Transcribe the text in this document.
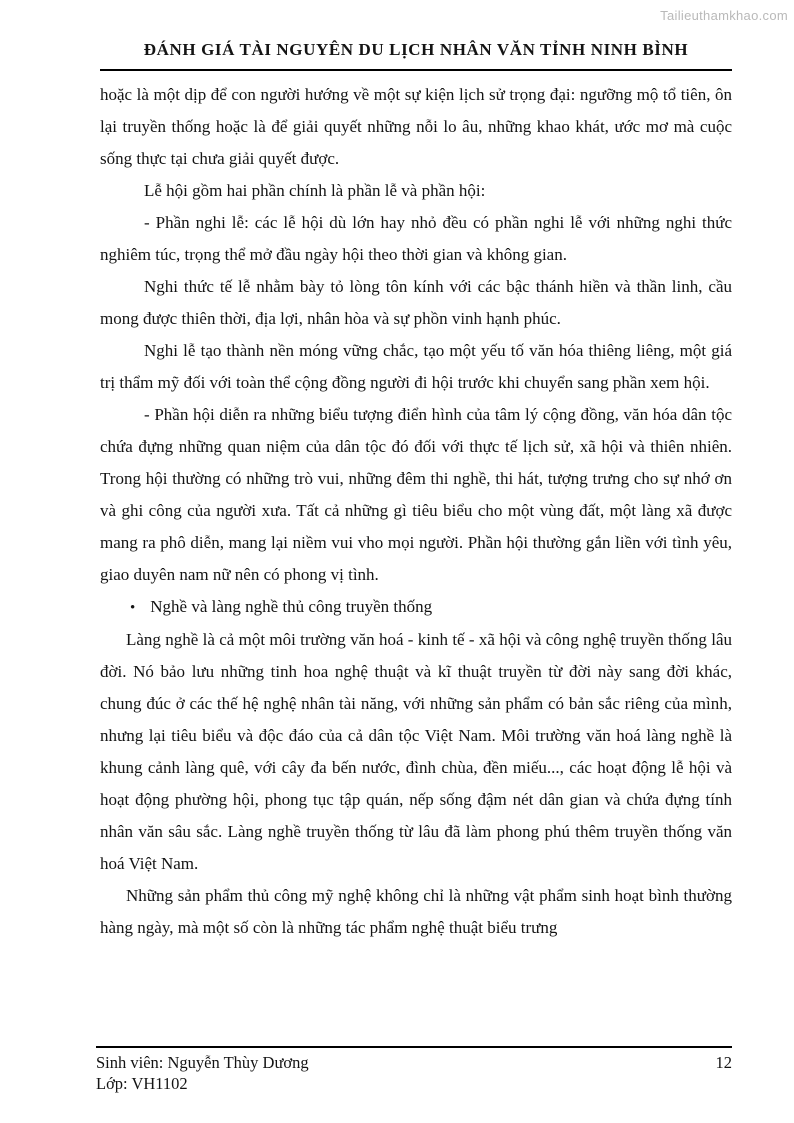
Tailieuthamkhao.com
ĐÁNH GIÁ TÀI NGUYÊN DU LỊCH NHÂN VĂN TỈNH NINH BÌNH

hoặc là một dịp để con người hướng về một sự kiện lịch sử trọng đại: ngưỡng mộ tổ tiên, ôn lại truyền thống hoặc là để giải quyết những nỗi lo âu, những khao khát, ước mơ mà cuộc sống thực tại chưa giải quyết được.

Lễ hội gồm hai phần chính là phần lễ và phần hội:

- Phần nghi lễ: các lễ hội dù lớn hay nhỏ đều có phần nghi lễ với những nghi thức nghiêm túc, trọng thể mở đầu ngày hội theo thời gian và không gian.

Nghi thức tế lễ nhằm bày tỏ lòng tôn kính với các bậc thánh hiền và thần linh, cầu mong được thiên thời, địa lợi, nhân hòa và sự phồn vinh hạnh phúc.

Nghi lễ tạo thành nền móng vững chắc, tạo một yếu tố văn hóa thiêng liêng, một giá trị thẩm mỹ đối với toàn thể cộng đồng người đi hội trước khi chuyển sang phần xem hội.

- Phần hội diễn ra những biểu tượng điển hình của tâm lý cộng đồng, văn hóa dân tộc chứa đựng những quan niệm của dân tộc đó đối với thực tế lịch sử, xã hội và thiên nhiên. Trong hội thường có những trò vui, những đêm thi nghề, thi hát, tượng trưng cho sự nhớ ơn và ghi công của người xưa. Tất cả những gì tiêu biểu cho một vùng đất, một làng xã được mang ra phô diễn, mang lại niềm vui vho mọi người. Phần hội thường gắn liền với tình yêu, giao duyên nam nữ nên có phong vị tình.

• Nghề và làng nghề thủ công truyền thống

Làng nghề là cả một môi trường văn hoá - kinh tế - xã hội và công nghệ truyền thống lâu đời. Nó bảo lưu những tinh hoa nghệ thuật và kĩ thuật truyền từ đời này sang đời khác, chung đúc ở các thế hệ nghệ nhân tài năng, với những sản phẩm có bản sắc riêng của mình, nhưng lại tiêu biểu và độc đáo của cả dân tộc Việt Nam. Môi trường văn hoá làng nghề là khung cảnh làng quê, với cây đa bến nước, đình chùa, đền miếu..., các hoạt động lễ hội và hoạt động phường hội, phong tục tập quán, nếp sống đậm nét dân gian và chứa đựng tính nhân văn sâu sắc. Làng nghề truyền thống từ lâu đã làm phong phú thêm truyền thống văn hoá Việt Nam.

Những sản phẩm thủ công mỹ nghệ không chỉ là những vật phẩm sinh hoạt bình thường hàng ngày, mà một số còn là những tác phẩm nghệ thuật biểu trưng

Sinh viên: Nguyễn Thùy Dương	12
Lớp: VH1102
